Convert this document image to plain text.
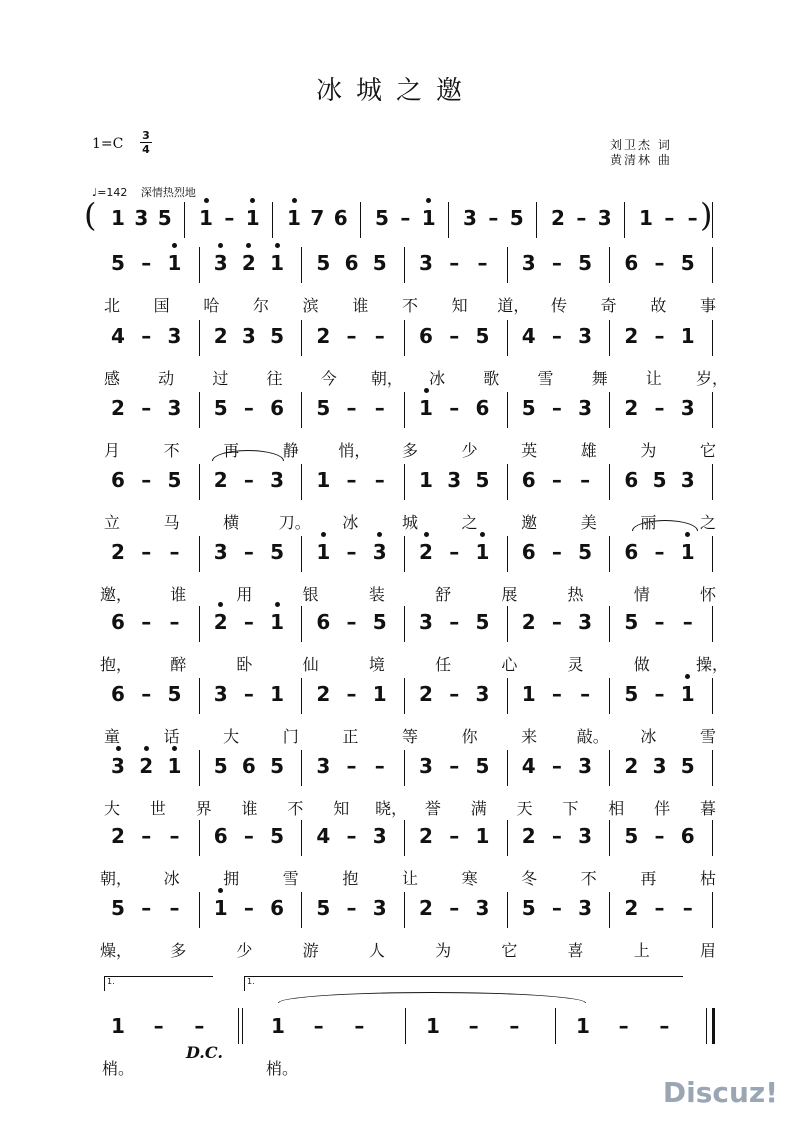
冰城之邀
1=C
3
4	刘卫杰 词
黄清林 曲
♩=142 深情热烈地
1 3 5 1 – 1 1 7 6 5 – 1 3 – 5 2 – 3 1 – –
5 – 1 3 2 1 5 6 5 3 – –	3 – 5 6 – 5
北 国 哈 尔 滨 谁 不 知 道， 传 奇 故 事
4 – 3 2 3 5 2 – –	6 – 5 4 – 3 2 – 1
感 动 过 往 今 朝， 冰 歌 雪 舞 让 岁，
2 – 3 5 – 6 5 – –	1 – 6 5 – 3 2 – 3
月	不	再	静 悄， 多	少	英	雄	为	它
6 – 5 2 – 3 1 – –	1 3 5 6 – –	6 5 3
立	马	横 刀。 冰	城	之	邀	美	丽	之
2 – –	3 – 5 1 – 3 2 – 1 6 – 5 6 – 1
邀， 谁	用	银	装	舒	展	热	情	怀
6 – –	2 – 1 6 – 5 3 – 5 2 – 3 5 – –
抱， 醉	卧	仙	境	任	心	灵	做	操，
6 – 5 3 – 1 2 – 1 2 – 3 1 – –	5 – 1
童	话	大	门	正	等	你	来 敲。 冰	雪
3 2 1 5 6 5 3 – –	3 – 5 4 – 3 2 3 5
大 世 界 谁 不 知 晓， 誉 满 天 下 相 伴 暮
2 – –	6 – 5 4 – 3 2 – 1 2 – 3 5 – 6
朝， 冰	拥	雪	抱	让	寒	冬	不	再	枯
5 – –	1 – 6 5 – 3 2 – 3 5 – 3 2 – –
燥， 多	少	游	人	为	它	喜	上	眉
1	–	–	1	–	–	1	–	–	1	–	–
梢。	梢。
(	)
1.	1.
D.C.
Discuz!
